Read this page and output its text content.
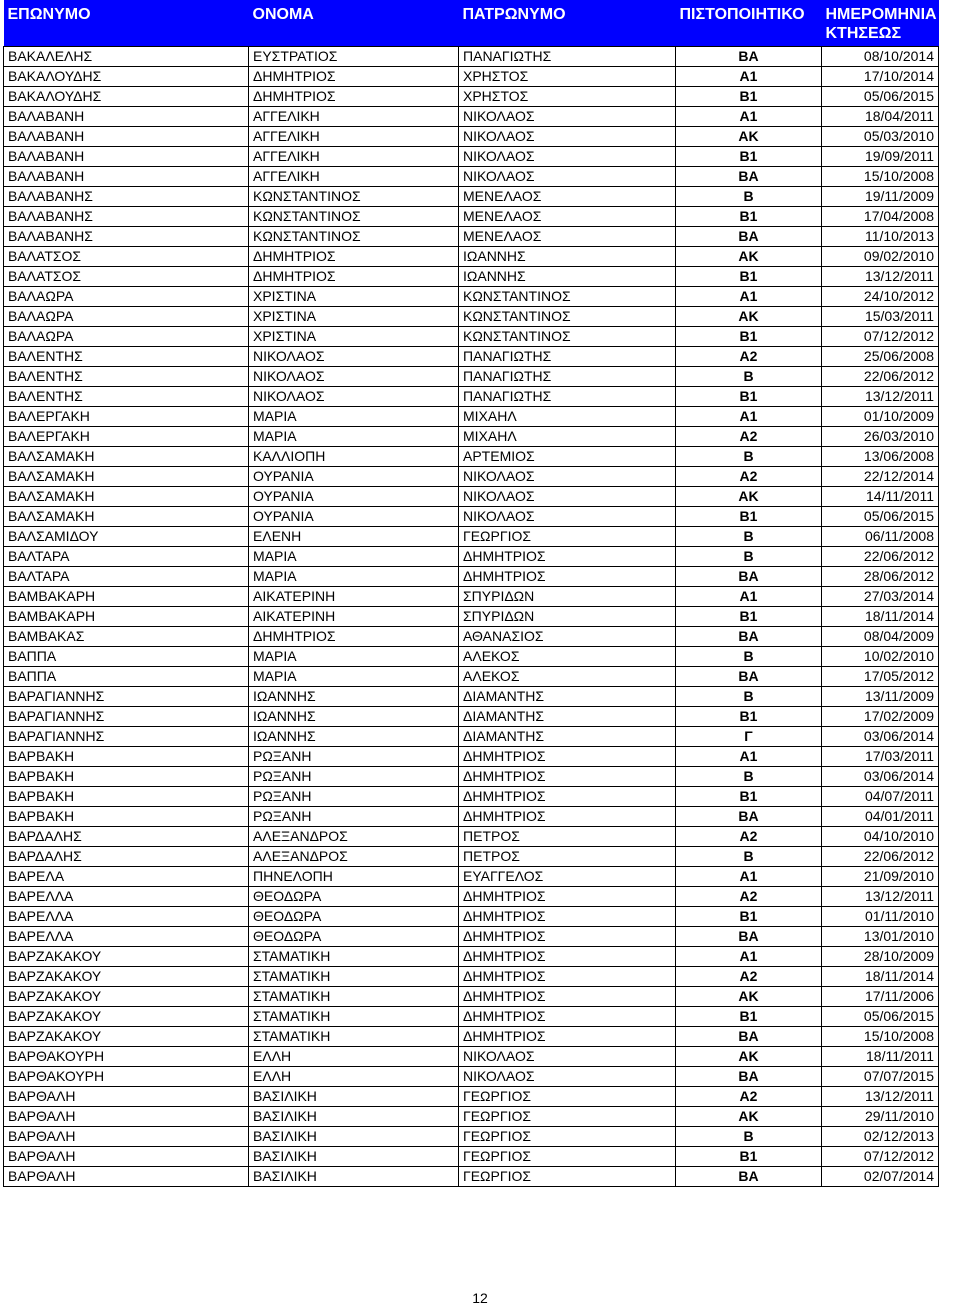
ΕΠΩΝΥΜΟ	ΟΝΟΜΑ	ΠΑΤΡΩΝΥΜΟ	ΠΙΣΤΟΠΟΙΗΤΙΚΟ	ΗΜΕΡΟΜΗΝΙΑ ΚΤΗΣΕΩΣ
ΒΑΚΑΛΕΛΗΣ	ΕΥΣΤΡΑΤΙΟΣ	ΠΑΝΑΓΙΩΤΗΣ	ΒΑ	08/10/2014
ΒΑΚΑΛΟΥΔΗΣ	ΔΗΜΗΤΡΙΟΣ	ΧΡΗΣΤΟΣ	Α1	17/10/2014
ΒΑΚΑΛΟΥΔΗΣ	ΔΗΜΗΤΡΙΟΣ	ΧΡΗΣΤΟΣ	Β1	05/06/2015
ΒΑΛΑΒΑΝΗ	ΑΓΓΕΛΙΚΗ	ΝΙΚΟΛΑΟΣ	Α1	18/04/2011
ΒΑΛΑΒΑΝΗ	ΑΓΓΕΛΙΚΗ	ΝΙΚΟΛΑΟΣ	ΑΚ	05/03/2010
ΒΑΛΑΒΑΝΗ	ΑΓΓΕΛΙΚΗ	ΝΙΚΟΛΑΟΣ	Β1	19/09/2011
ΒΑΛΑΒΑΝΗ	ΑΓΓΕΛΙΚΗ	ΝΙΚΟΛΑΟΣ	ΒΑ	15/10/2008
ΒΑΛΑΒΑΝΗΣ	ΚΩΝΣΤΑΝΤΙΝΟΣ	ΜΕΝΕΛΑΟΣ	Β	19/11/2009
ΒΑΛΑΒΑΝΗΣ	ΚΩΝΣΤΑΝΤΙΝΟΣ	ΜΕΝΕΛΑΟΣ	Β1	17/04/2008
ΒΑΛΑΒΑΝΗΣ	ΚΩΝΣΤΑΝΤΙΝΟΣ	ΜΕΝΕΛΑΟΣ	ΒΑ	11/10/2013
ΒΑΛΑΤΣΟΣ	ΔΗΜΗΤΡΙΟΣ	ΙΩΑΝΝΗΣ	ΑΚ	09/02/2010
ΒΑΛΑΤΣΟΣ	ΔΗΜΗΤΡΙΟΣ	ΙΩΑΝΝΗΣ	Β1	13/12/2011
ΒΑΛΑΩΡΑ	ΧΡΙΣΤΙΝΑ	ΚΩΝΣΤΑΝΤΙΝΟΣ	Α1	24/10/2012
ΒΑΛΑΩΡΑ	ΧΡΙΣΤΙΝΑ	ΚΩΝΣΤΑΝΤΙΝΟΣ	ΑΚ	15/03/2011
ΒΑΛΑΩΡΑ	ΧΡΙΣΤΙΝΑ	ΚΩΝΣΤΑΝΤΙΝΟΣ	Β1	07/12/2012
ΒΑΛΕΝΤΗΣ	ΝΙΚΟΛΑΟΣ	ΠΑΝΑΓΙΩΤΗΣ	Α2	25/06/2008
ΒΑΛΕΝΤΗΣ	ΝΙΚΟΛΑΟΣ	ΠΑΝΑΓΙΩΤΗΣ	Β	22/06/2012
ΒΑΛΕΝΤΗΣ	ΝΙΚΟΛΑΟΣ	ΠΑΝΑΓΙΩΤΗΣ	Β1	13/12/2011
ΒΑΛΕΡΓΑΚΗ	ΜΑΡΙΑ	ΜΙΧΑΗΛ	Α1	01/10/2009
ΒΑΛΕΡΓΑΚΗ	ΜΑΡΙΑ	ΜΙΧΑΗΛ	Α2	26/03/2010
ΒΑΛΣΑΜΑΚΗ	ΚΑΛΛΙΟΠΗ	ΑΡΤΕΜΙΟΣ	Β	13/06/2008
ΒΑΛΣΑΜΑΚΗ	ΟΥΡΑΝΙΑ	ΝΙΚΟΛΑΟΣ	Α2	22/12/2014
ΒΑΛΣΑΜΑΚΗ	ΟΥΡΑΝΙΑ	ΝΙΚΟΛΑΟΣ	ΑΚ	14/11/2011
ΒΑΛΣΑΜΑΚΗ	ΟΥΡΑΝΙΑ	ΝΙΚΟΛΑΟΣ	Β1	05/06/2015
ΒΑΛΣΑΜΙΔΟΥ	ΕΛΕΝΗ	ΓΕΩΡΓΙΟΣ	Β	06/11/2008
ΒΑΛΤΑΡΑ	ΜΑΡΙΑ	ΔΗΜΗΤΡΙΟΣ	Β	22/06/2012
ΒΑΛΤΑΡΑ	ΜΑΡΙΑ	ΔΗΜΗΤΡΙΟΣ	ΒΑ	28/06/2012
ΒΑΜΒΑΚΑΡΗ	ΑΙΚΑΤΕΡΙΝΗ	ΣΠΥΡΙΔΩΝ	Α1	27/03/2014
ΒΑΜΒΑΚΑΡΗ	ΑΙΚΑΤΕΡΙΝΗ	ΣΠΥΡΙΔΩΝ	Β1	18/11/2014
ΒΑΜΒΑΚΑΣ	ΔΗΜΗΤΡΙΟΣ	ΑΘΑΝΑΣΙΟΣ	ΒΑ	08/04/2009
ΒΑΠΠΑ	ΜΑΡΙΑ	ΑΛΕΚΟΣ	Β	10/02/2010
ΒΑΠΠΑ	ΜΑΡΙΑ	ΑΛΕΚΟΣ	ΒΑ	17/05/2012
ΒΑΡΑΓΙΑΝΝΗΣ	ΙΩΑΝΝΗΣ	ΔΙΑΜΑΝΤΗΣ	Β	13/11/2009
ΒΑΡΑΓΙΑΝΝΗΣ	ΙΩΑΝΝΗΣ	ΔΙΑΜΑΝΤΗΣ	Β1	17/02/2009
ΒΑΡΑΓΙΑΝΝΗΣ	ΙΩΑΝΝΗΣ	ΔΙΑΜΑΝΤΗΣ	Γ	03/06/2014
ΒΑΡΒΑΚΗ	ΡΩΞΑΝΗ	ΔΗΜΗΤΡΙΟΣ	Α1	17/03/2011
ΒΑΡΒΑΚΗ	ΡΩΞΑΝΗ	ΔΗΜΗΤΡΙΟΣ	Β	03/06/2014
ΒΑΡΒΑΚΗ	ΡΩΞΑΝΗ	ΔΗΜΗΤΡΙΟΣ	Β1	04/07/2011
ΒΑΡΒΑΚΗ	ΡΩΞΑΝΗ	ΔΗΜΗΤΡΙΟΣ	ΒΑ	04/01/2011
ΒΑΡΔΑΛΗΣ	ΑΛΕΞΑΝΔΡΟΣ	ΠΕΤΡΟΣ	Α2	04/10/2010
ΒΑΡΔΑΛΗΣ	ΑΛΕΞΑΝΔΡΟΣ	ΠΕΤΡΟΣ	Β	22/06/2012
ΒΑΡΕΛΑ	ΠΗΝΕΛΟΠΗ	ΕΥΑΓΓΕΛΟΣ	Α1	21/09/2010
ΒΑΡΕΛΛΑ	ΘΕΟΔΩΡΑ	ΔΗΜΗΤΡΙΟΣ	Α2	13/12/2011
ΒΑΡΕΛΛΑ	ΘΕΟΔΩΡΑ	ΔΗΜΗΤΡΙΟΣ	Β1	01/11/2010
ΒΑΡΕΛΛΑ	ΘΕΟΔΩΡΑ	ΔΗΜΗΤΡΙΟΣ	ΒΑ	13/01/2010
ΒΑΡΖΑΚΑΚΟΥ	ΣΤΑΜΑΤΙΚΗ	ΔΗΜΗΤΡΙΟΣ	Α1	28/10/2009
ΒΑΡΖΑΚΑΚΟΥ	ΣΤΑΜΑΤΙΚΗ	ΔΗΜΗΤΡΙΟΣ	Α2	18/11/2014
ΒΑΡΖΑΚΑΚΟΥ	ΣΤΑΜΑΤΙΚΗ	ΔΗΜΗΤΡΙΟΣ	ΑΚ	17/11/2006
ΒΑΡΖΑΚΑΚΟΥ	ΣΤΑΜΑΤΙΚΗ	ΔΗΜΗΤΡΙΟΣ	Β1	05/06/2015
ΒΑΡΖΑΚΑΚΟΥ	ΣΤΑΜΑΤΙΚΗ	ΔΗΜΗΤΡΙΟΣ	ΒΑ	15/10/2008
ΒΑΡΘΑΚΟΥΡΗ	ΕΛΛΗ	ΝΙΚΟΛΑΟΣ	ΑΚ	18/11/2011
ΒΑΡΘΑΚΟΥΡΗ	ΕΛΛΗ	ΝΙΚΟΛΑΟΣ	ΒΑ	07/07/2015
ΒΑΡΘΑΛΗ	ΒΑΣΙΛΙΚΗ	ΓΕΩΡΓΙΟΣ	Α2	13/12/2011
ΒΑΡΘΑΛΗ	ΒΑΣΙΛΙΚΗ	ΓΕΩΡΓΙΟΣ	ΑΚ	29/11/2010
ΒΑΡΘΑΛΗ	ΒΑΣΙΛΙΚΗ	ΓΕΩΡΓΙΟΣ	Β	02/12/2013
ΒΑΡΘΑΛΗ	ΒΑΣΙΛΙΚΗ	ΓΕΩΡΓΙΟΣ	Β1	07/12/2012
ΒΑΡΘΑΛΗ	ΒΑΣΙΛΙΚΗ	ΓΕΩΡΓΙΟΣ	ΒΑ	02/07/2014
12
